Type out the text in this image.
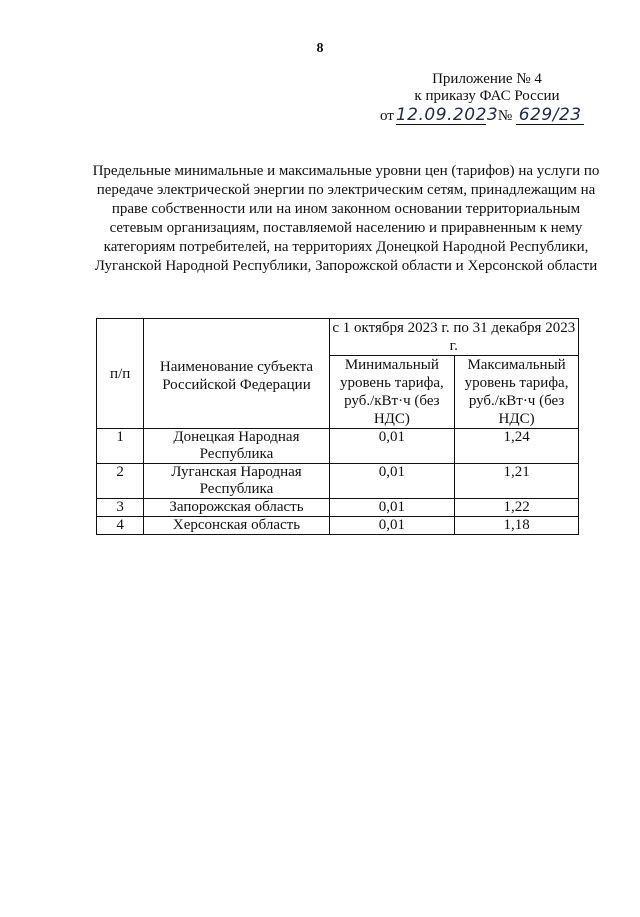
8
Приложение № 4
к приказу ФАС России
от 12.09.2023№ 629/23
Предельные минимальные и максимальные уровни цен (тарифов) на услуги по передаче электрической энергии по электрическим сетям, принадлежащим на праве собственности или на ином законном основании территориальным сетевым организациям, поставляемой населению и приравненным к нему категориям потребителей, на территориях Донецкой Народной Республики, Луганской Народной Республики, Запорожской области и Херсонской области
п/п	Наименование субъекта Российской Федерации	с 1 октября 2023 г. по 31 декабря 2023 г.	
		Минимальный уровень тарифа, руб./кВт·ч (без НДС)	Максимальный уровень тарифа, руб./кВт·ч (без НДС)
1	Донецкая Народная Республика	0,01	1,24
2	Луганская Народная Республика	0,01	1,21
3	Запорожская область	0,01	1,22
4	Херсонская область	0,01	1,18
